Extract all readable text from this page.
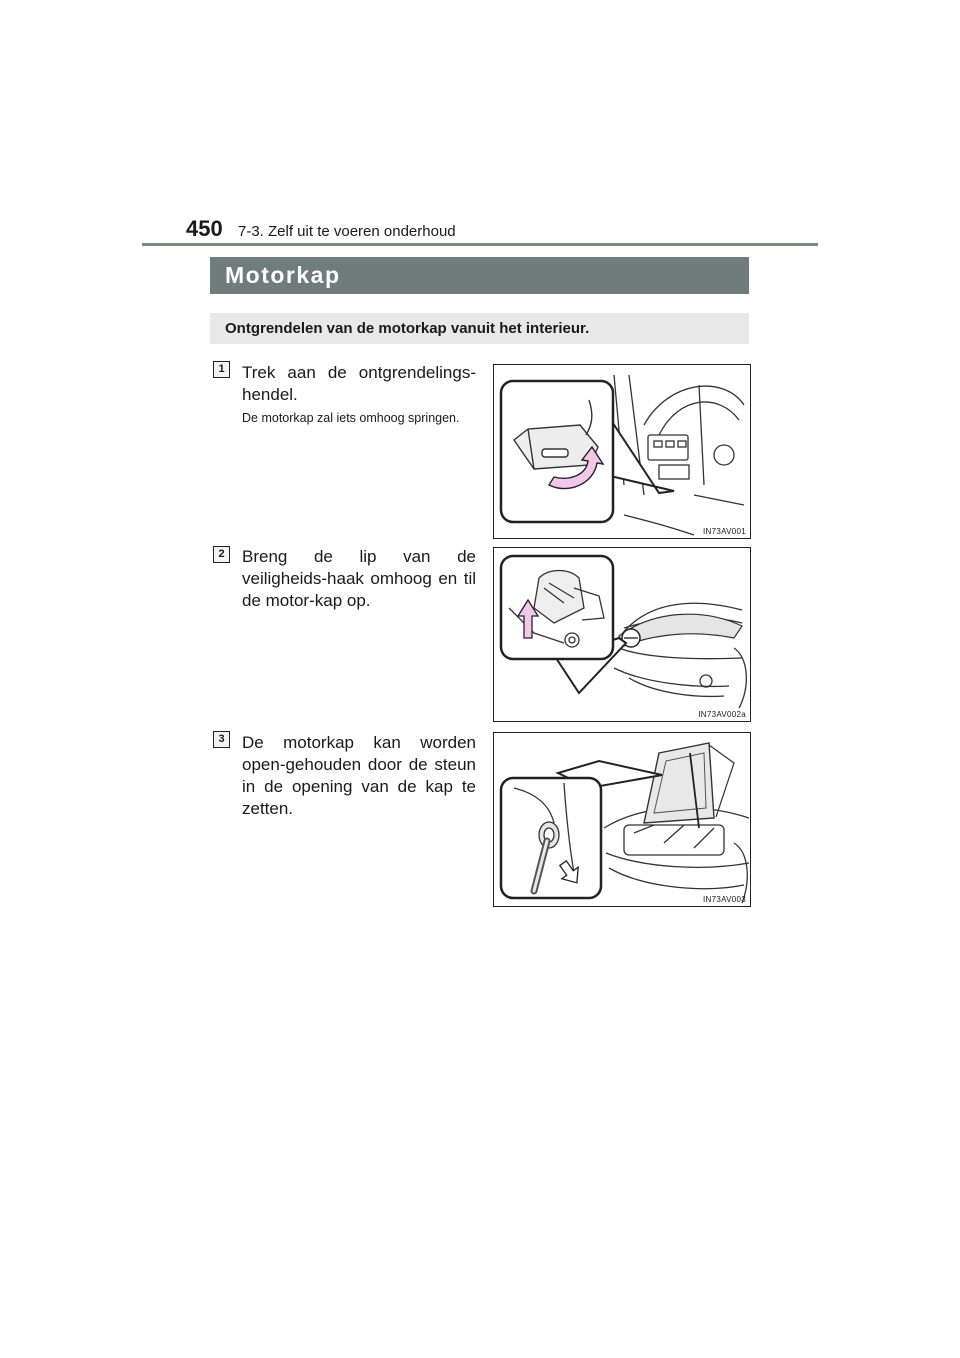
450 7-3. Zelf uit te voeren onderhoud
Motorkap
Ontgrendelen van de motorkap vanuit het interieur.
1	Trek aan de ontgrendelings-hendel.
De motorkap zal iets omhoog springen.
IN73AV001
2	Breng de lip van de veiligheids-haak omhoog en til de motor-kap op.
IN73AV002a
3	De motorkap kan worden open-gehouden door de steun in de opening van de kap te zetten.
IN73AV003
